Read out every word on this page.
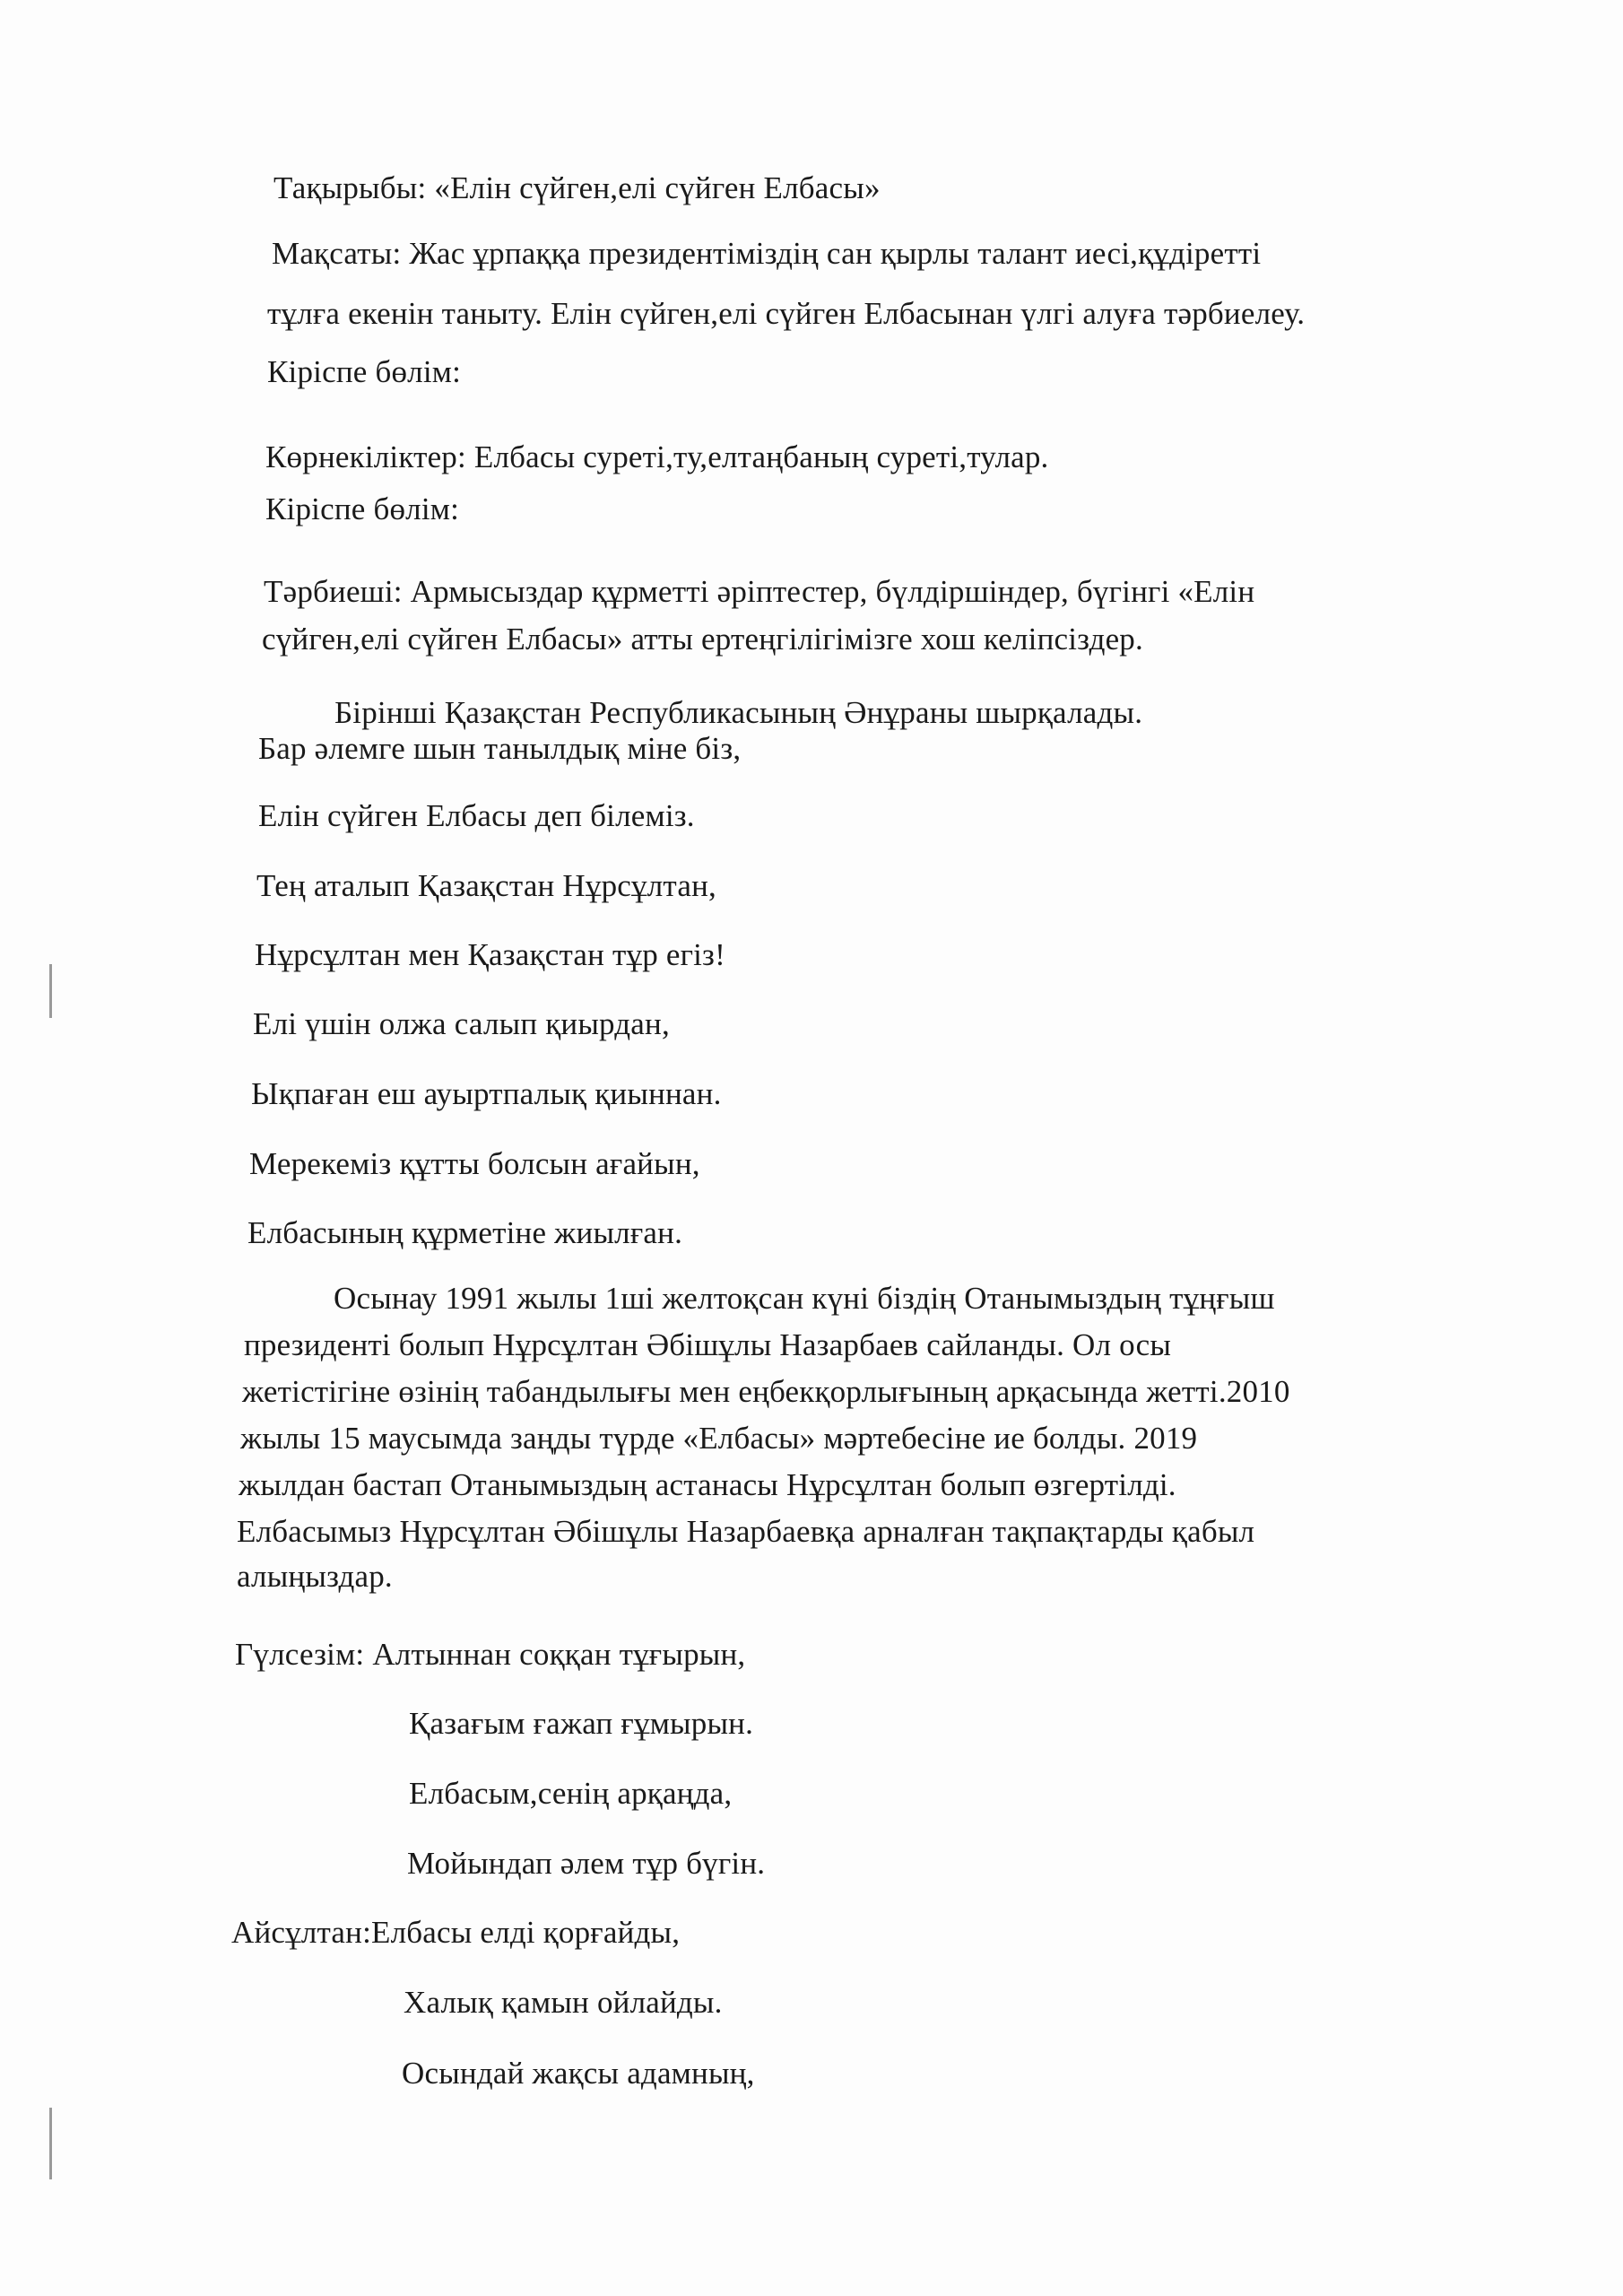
Тақырыбы: «Елін сүйген,елі сүйген Елбасы»
Мақсаты: Жас ұрпаққа президентіміздің сан қырлы талант иесі,құдіретті
тұлға екенін таныту. Елін сүйген,елі сүйген Елбасынан үлгі алуға тәрбиелеу.
Кіріспе бөлім:
Көрнекіліктер: Елбасы суреті,ту,елтаңбаның суреті,тулар.
Кіріспе бөлім:
Тәрбиеші: Армысыздар құрметті әріптестер, бүлдіршіндер, бүгінгі «Елін
сүйген,елі сүйген Елбасы» атты ертеңгілігімізге хош келіпсіздер.
Бірінші Қазақстан Республикасының Әнұраны шырқалады.
Бар әлемге шын танылдық міне біз,
Елін сүйген Елбасы деп білеміз.
Тең аталып Қазақстан Нұрсұлтан,
Нұрсұлтан мен Қазақстан тұр егіз!
Елі үшін олжа салып қиырдан,
Ықпаған еш ауыртпалық қиыннан.
Мерекеміз құтты болсын ағайын,
Елбасының құрметіне жиылған.
Осынау 1991 жылы 1ші желтоқсан күні біздің Отанымыздың тұңғыш
президенті болып Нұрсұлтан Әбішұлы Назарбаев сайланды. Ол осы
жетістігіне өзінің табандылығы мен еңбекқорлығының арқасында жетті.2010
жылы 15 маусымда заңды түрде «Елбасы» мәртебесіне ие болды. 2019
жылдан бастап Отанымыздың астанасы Нұрсұлтан болып өзгертілді.
Елбасымыз Нұрсұлтан Әбішұлы Назарбаевқа арналған тақпақтарды қабыл
алыңыздар.
Гүлсезім: Алтыннан соққан тұғырын,
Қазағым ғажап ғұмырын.
Елбасым,сенің арқаңда,
Мойындап әлем тұр бүгін.
Айсұлтан:Елбасы елді қорғайды,
Халық қамын ойлайды.
Осындай жақсы адамның,
